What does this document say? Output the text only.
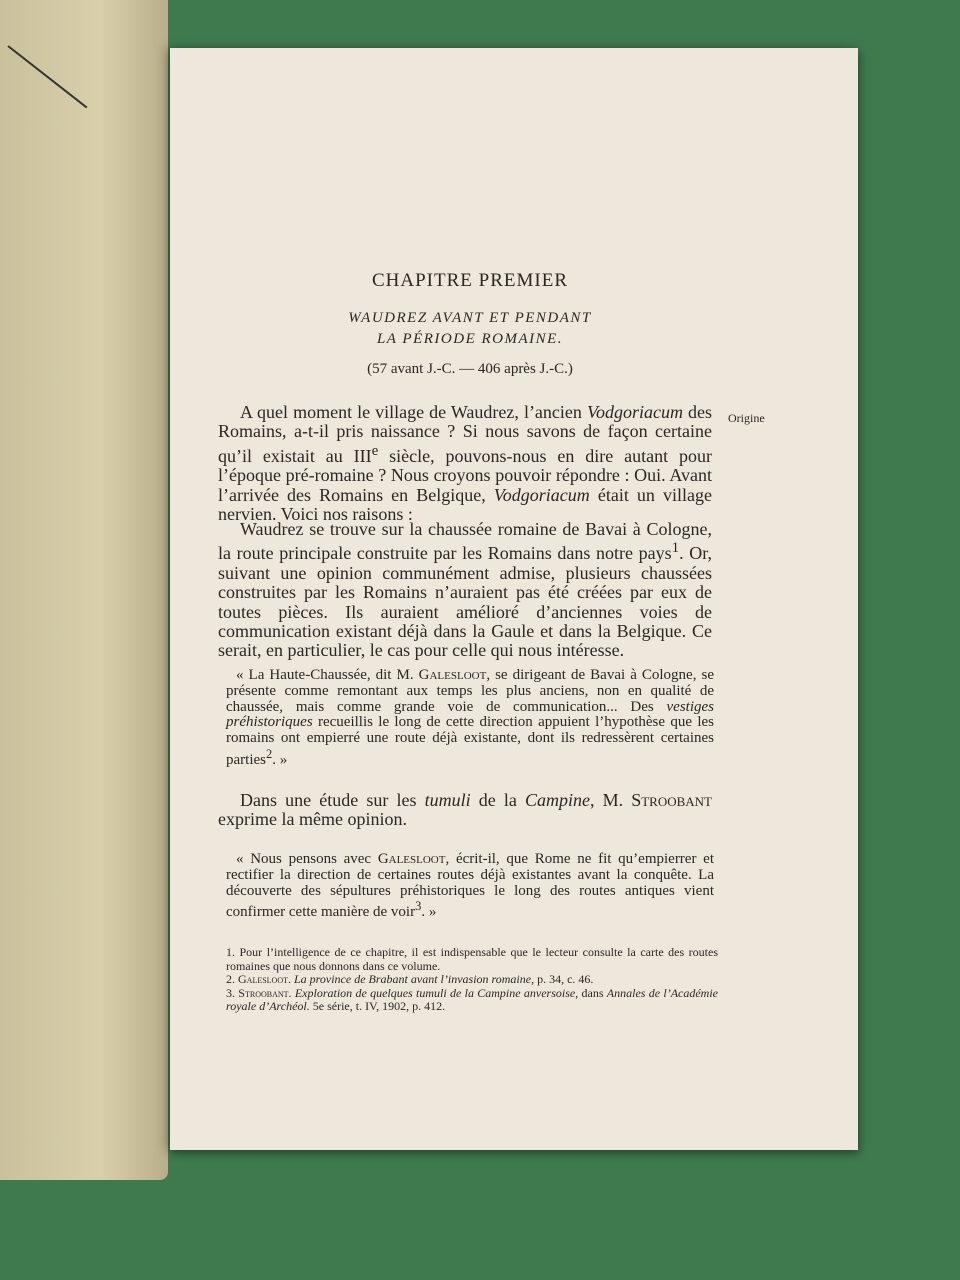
CHAPITRE PREMIER
WAUDREZ AVANT ET PENDANT
LA PÉRIODE ROMAINE.
(57 avant J.-C. — 406 après J.-C.)
Origine

A quel moment le village de Waudrez, l’ancien Vodgoriacum des Romains, a-t-il pris naissance ? Si nous savons de façon certaine qu’il existait au IIIe siècle, pouvons-nous en dire autant pour l’époque pré-romaine ? Nous croyons pouvoir répondre : Oui. Avant l’arrivée des Romains en Belgique, Vodgoriacum était un village nervien. Voici nos raisons :

Waudrez se trouve sur la chaussée romaine de Bavai à Cologne, la route principale construite par les Romains dans notre pays$^1$. Or, suivant une opinion communément admise, plusieurs chaussées construites par les Romains n’auraient pas été créées par eux de toutes pièces. Ils auraient amélioré d’anciennes voies de communication existant déjà dans la Gaule et dans la Belgique. Ce serait, en particulier, le cas pour celle qui nous intéresse.

« La Haute-Chaussée, dit M. Galesloot, se dirigeant de Bavai à Cologne, se présente comme remontant aux temps les plus anciens, non en qualité de chaussée, mais comme grande voie de communication... Des vestiges préhistoriques recueillis le long de cette direction appuient l’hypothèse que les romains ont empierré une route déjà existante, dont ils redressèrent certaines parties$^2$. »

Dans une étude sur les tumuli de la Campine, M. Stroobant exprime la même opinion.

« Nous pensons avec Galesloot, écrit-il, que Rome ne fit qu’empierrer et rectifier la direction de certaines routes déjà existantes avant la conquête. La découverte des sépultures préhistoriques le long des routes antiques vient confirmer cette manière de voir$^3$. »

1. Pour l’intelligence de ce chapitre, il est indispensable que le lecteur consulte la carte des routes romaines que nous donnons dans ce volume.
2. Galesloot. La province de Brabant avant l’invasion romaine, p. 34, c. 46.
3. Stroobant. Exploration de quelques tumuli de la Campine anversoise, dans Annales de l’Académie royale d’Archéol. 5e série, t. IV, 1902, p. 412.
